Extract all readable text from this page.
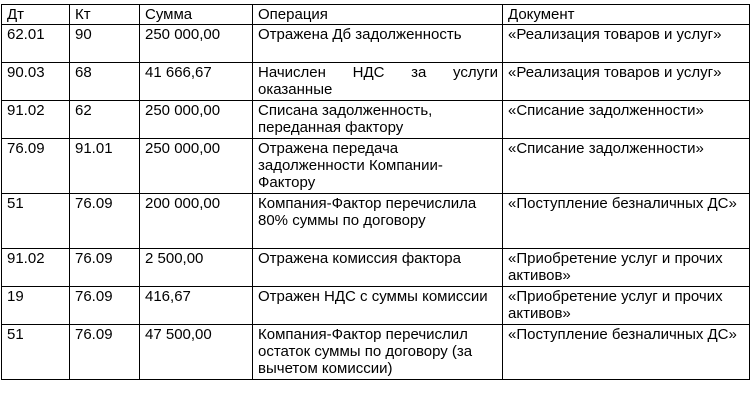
Дт	Кт	Сумма	Операция	Документ
62.01	90	250 000,00	Отражена Дб задолженность	«Реализация товаров и услуг»
90.03	68	41 666,67	Начислен НДС за услуги оказанные	«Реализация товаров и услуг»
91.02	62	250 000,00	Списана задолженность, переданная фактору	«Списание задолженности»
76.09	91.01	250 000,00	Отражена передача задолженности Компании-Фактору	«Списание задолженности»
51	76.09	200 000,00	Компания-Фактор перечислила 80% суммы по договору	«Поступление безналичных ДС»
91.02	76.09	2 500,00	Отражена комиссия фактора	«Приобретение услуг и прочих активов»
19	76.09	416,67	Отражен НДС с суммы комиссии	«Приобретение услуг и прочих активов»
51	76.09	47 500,00	Компания-Фактор перечислил остаток суммы по договору (за вычетом комиссии)	«Поступление безналичных ДС»
